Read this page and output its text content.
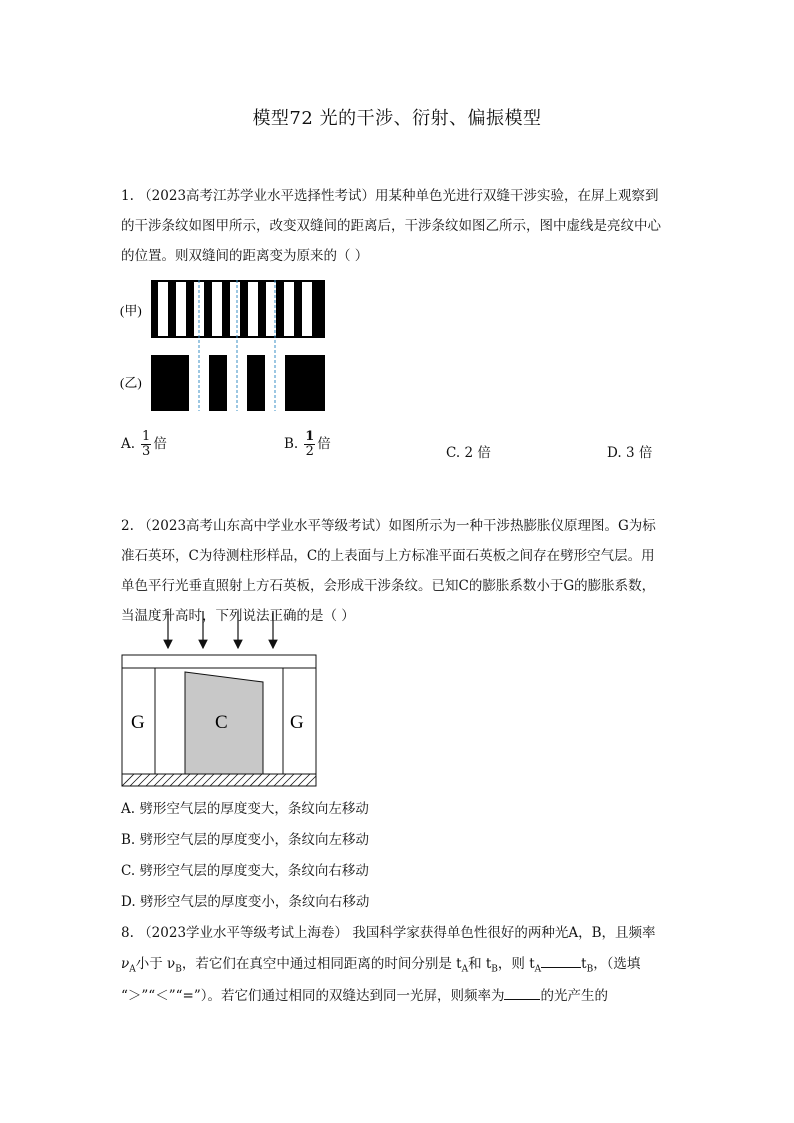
模型72 光的干涉、衍射、偏振模型
1. （2023高考江苏学业水平选择性考试）用某种单色光进行双缝干涉实验，在屏上观察到
的干涉条纹如图甲所示，改变双缝间的距离后，干涉条纹如图乙所示，图中虚线是亮纹中心
的位置。则双缝间的距离变为原来的（ ）
(甲)
(乙)
A. $\frac{1}{3}$ 倍	B. $\frac{1}{2}$ 倍
C. 2 倍	D. 3 倍
2. （2023高考山东高中学业水平等级考试）如图所示为一种干涉热膨胀仪原理图。G为标
准石英环，C为待测柱形样品，C的上表面与上方标准平面石英板之间存在劈形空气层。用
单色平行光垂直照射上方石英板，会形成干涉条纹。已知C的膨胀系数小于G的膨胀系数，
当温度升高时，下列说法正确的是（ ）
G	C	G
A. 劈形空气层的厚度变大，条纹向左移动
B. 劈形空气层的厚度变小，条纹向左移动
C. 劈形空气层的厚度变大，条纹向右移动
D. 劈形空气层的厚度变小，条纹向右移动
8. （2023学业水平等级考试上海卷） 我国科学家获得单色性很好的两种光A，B，且频率
$\nu_A$小于 $\nu_B$，若它们在真空中通过相同距离的时间分别是 $t_A$和 $t_B$，则 $t_A$	$t_B$，（选填
“＞”“＜”“=”）。若它们通过相同的双缝达到同一光屏，则频率为	的光产生的
